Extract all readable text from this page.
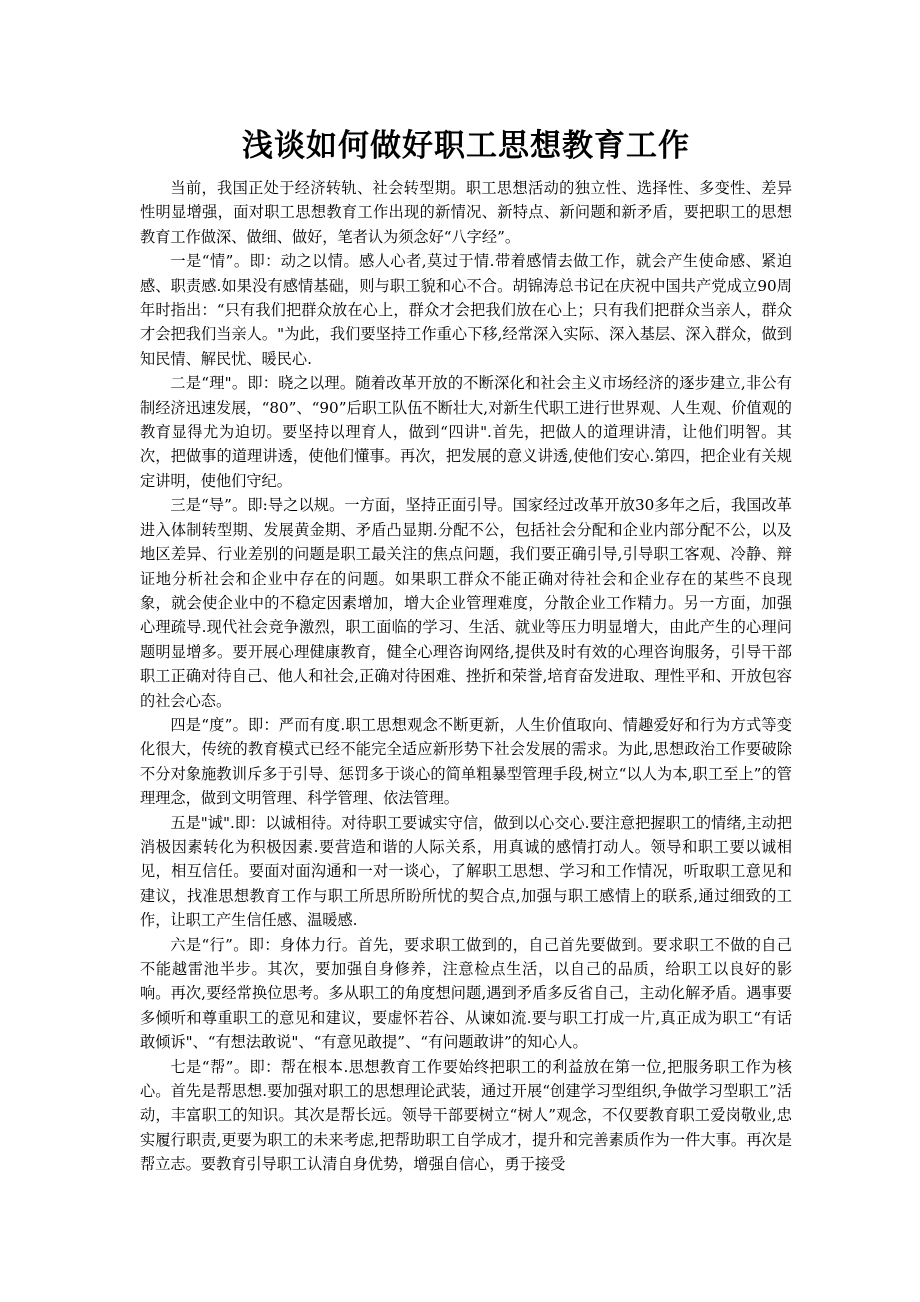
浅谈如何做好职工思想教育工作

当前，我国正处于经济转轨、社会转型期。职工思想活动的独立性、选择性、多变性、差异性明显增强，面对职工思想教育工作出现的新情况、新特点、新问题和新矛盾，要把职工的思想教育工作做深、做细、做好，笔者认为须念好“八字经”。

一是“情”。即：动之以情。感人心者,莫过于情.带着感情去做工作，就会产生使命感、紧迫感、职责感.如果没有感情基础，则与职工貌和心不合。胡锦涛总书记在庆祝中国共产党成立90周年时指出：“只有我们把群众放在心上，群众才会把我们放在心上；只有我们把群众当亲人，群众才会把我们当亲人。"为此，我们要坚持工作重心下移,经常深入实际、深入基层、深入群众，做到知民情、解民忧、暖民心.

二是“理"。即：晓之以理。随着改革开放的不断深化和社会主义市场经济的逐步建立,非公有制经济迅速发展，“80”、“90”后职工队伍不断壮大,对新生代职工进行世界观、人生观、价值观的教育显得尤为迫切。要坚持以理育人，做到“四讲".首先，把做人的道理讲清，让他们明智。其次，把做事的道理讲透，使他们懂事。再次，把发展的意义讲透,使他们安心.第四，把企业有关规定讲明，使他们守纪。

三是“导”。即:导之以规。一方面，坚持正面引导。国家经过改革开放30多年之后，我国改革进入体制转型期、发展黄金期、矛盾凸显期.分配不公，包括社会分配和企业内部分配不公，以及地区差异、行业差别的问题是职工最关注的焦点问题，我们要正确引导,引导职工客观、冷静、辩证地分析社会和企业中存在的问题。如果职工群众不能正确对待社会和企业存在的某些不良现象，就会使企业中的不稳定因素增加，增大企业管理难度，分散企业工作精力。另一方面，加强心理疏导.现代社会竞争激烈，职工面临的学习、生活、就业等压力明显增大，由此产生的心理问题明显增多。要开展心理健康教育，健全心理咨询网络,提供及时有效的心理咨询服务，引导干部职工正确对待自己、他人和社会,正确对待困难、挫折和荣誉,培育奋发进取、理性平和、开放包容的社会心态。

四是“度”。即：严而有度.职工思想观念不断更新，人生价值取向、情趣爱好和行为方式等变化很大，传统的教育模式已经不能完全适应新形势下社会发展的需求。为此,思想政治工作要破除不分对象施教训斥多于引导、惩罚多于谈心的简单粗暴型管理手段,树立“以人为本,职工至上”的管理理念，做到文明管理、科学管理、依法管理。

五是"诚".即：以诚相待。对待职工要诚实守信，做到以心交心.要注意把握职工的情绪,主动把消极因素转化为积极因素.要营造和谐的人际关系，用真诚的感情打动人。领导和职工要以诚相见，相互信任。要面对面沟通和一对一谈心，了解职工思想、学习和工作情况，听取职工意见和建议，找准思想教育工作与职工所思所盼所忧的契合点,加强与职工感情上的联系,通过细致的工作，让职工产生信任感、温暖感.

六是“行”。即：身体力行。首先，要求职工做到的，自己首先要做到。要求职工不做的自己不能越雷池半步。其次，要加强自身修养，注意检点生活，以自己的品质，给职工以良好的影响。再次,要经常换位思考。多从职工的角度想问题,遇到矛盾多反省自己，主动化解矛盾。遇事要多倾听和尊重职工的意见和建议，要虚怀若谷、从谏如流.要与职工打成一片,真正成为职工“有话敢倾诉"、“有想法敢说"、“有意见敢提”、“有问题敢讲”的知心人。

七是“帮”。即：帮在根本.思想教育工作要始终把职工的利益放在第一位,把服务职工作为核心。首先是帮思想.要加强对职工的思想理论武装，通过开展“创建学习型组织,争做学习型职工”活动，丰富职工的知识。其次是帮长远。领导干部要树立“树人”观念，不仅要教育职工爱岗敬业,忠实履行职责,更要为职工的未来考虑,把帮助职工自学成才，提升和完善素质作为一件大事。再次是帮立志。要教育引导职工认清自身优势，增强自信心，勇于接受
